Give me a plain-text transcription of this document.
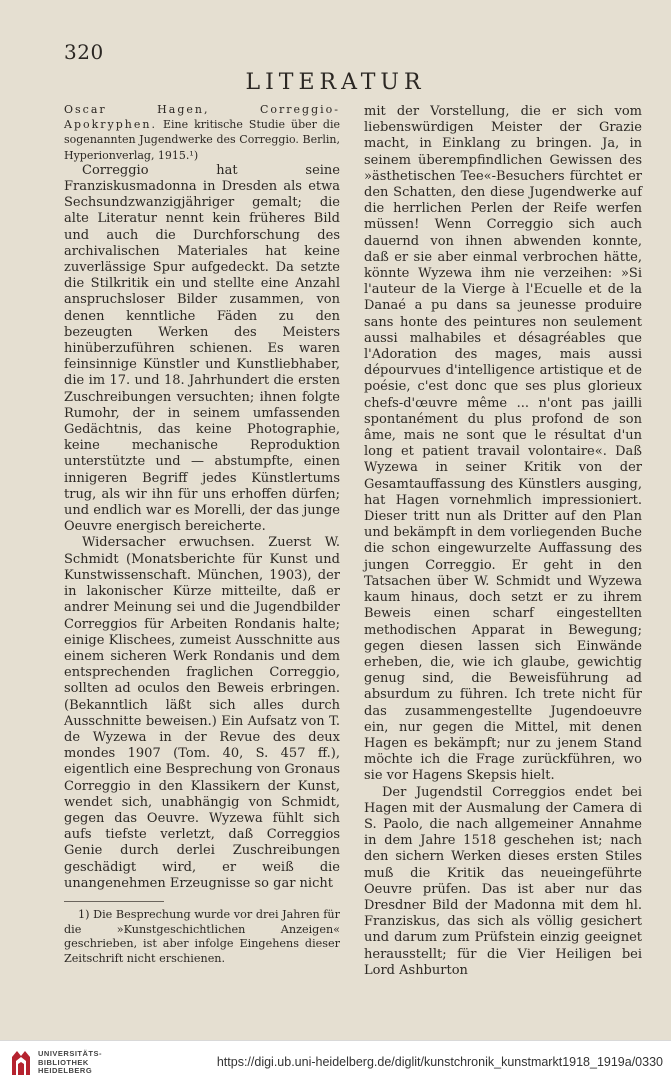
320
LITERATUR

Oscar Hagen, Correggio-Apokryphen. Eine kritische Studie über die sogenannten Jugendwerke des Correggio. Berlin, Hyperionverlag, 1915.¹)

Correggio hat seine Franziskusmadonna in Dresden als etwa Sechsundzwanzigjähriger gemalt; die alte Literatur nennt kein früheres Bild und auch die Durchforschung des archivalischen Materiales hat keine zuverlässige Spur aufgedeckt. Da setzte die Stilkritik ein und stellte eine Anzahl anspruchsloser Bilder zusammen, von denen kenntliche Fäden zu den bezeugten Werken des Meisters hinüberzuführen schienen. Es waren feinsinnige Künstler und Kunstliebhaber, die im 17. und 18. Jahrhundert die ersten Zuschreibungen versuchten; ihnen folgte Rumohr, der in seinem umfassenden Gedächtnis, das keine Photographie, keine mechanische Reproduktion unterstützte und — abstumpfte, einen innigeren Begriff jedes Künstlertums trug, als wir ihn für uns erhoffen dürfen; und endlich war es Morelli, der das junge Oeuvre energisch bereicherte.

Widersacher erwuchsen. Zuerst W. Schmidt (Monatsberichte für Kunst und Kunstwissenschaft. München, 1903), der in lakonischer Kürze mitteilte, daß er andrer Meinung sei und die Jugendbilder Correggios für Arbeiten Rondanis halte; einige Klischees, zumeist Ausschnitte aus einem sicheren Werk Rondanis und dem entsprechenden fraglichen Correggio, sollten ad oculos den Beweis erbringen. (Bekanntlich läßt sich alles durch Ausschnitte beweisen.) Ein Aufsatz von T. de Wyzewa in der Revue des deux mondes 1907 (Tom. 40, S. 457 ff.), eigentlich eine Besprechung von Gronaus Correggio in den Klassikern der Kunst, wendet sich, unabhängig von Schmidt, gegen das Oeuvre. Wyzewa fühlt sich aufs tiefste verletzt, daß Correggios Genie durch derlei Zuschreibungen geschädigt wird, er weiß die unangenehmen Erzeugnisse so gar nicht

1) Die Besprechung wurde vor drei Jahren für die »Kunstgeschichtlichen Anzeigen« geschrieben‚ ist aber infolge Eingehens dieser Zeitschrift nicht erschienen.

mit der Vorstellung, die er sich vom liebenswürdigen Meister der Grazie macht, in Einklang zu bringen. Ja, in seinem überempfindlichen Gewissen des »ästhetischen Tee«-Besuchers fürchtet er den Schatten, den diese Jugendwerke auf die herrlichen Perlen der Reife werfen müssen! Wenn Correggio sich auch dauernd von ihnen abwenden konnte, daß er sie aber einmal verbrochen hätte, könnte Wyzewa ihm nie verzeihen: »Si l'auteur de la Vierge à l'Ecuelle et de la Danaé a pu dans sa jeunesse produire sans honte des peintures non seulement aussi malhabiles et désagréables que l'Adoration des mages, mais aussi dépourvues d'intelligence artistique et de poésie, c'est donc que ses plus glorieux chefs-d'œuvre même ... n'ont pas jailli spontanément du plus profond de son âme, mais ne sont que le résultat d'un long et patient travail volontaire«. Daß Wyzewa in seiner Kritik von der Gesamtauffassung des Künstlers ausging, hat Hagen vornehmlich impressioniert. Dieser tritt nun als Dritter auf den Plan und bekämpft in dem vorliegenden Buche die schon eingewurzelte Auffassung des jungen Correggio. Er geht in den Tatsachen über W. Schmidt und Wyzewa kaum hinaus, doch setzt er zu ihrem Beweis einen scharf eingestellten methodischen Apparat in Bewegung; gegen diesen lassen sich Einwände erheben, die, wie ich glaube, gewichtig genug sind, die Beweisführung ad absurdum zu führen. Ich trete nicht für das zusammengestellte Jugendoeuvre ein, nur gegen die Mittel, mit denen Hagen es bekämpft; nur zu jenem Stand möchte ich die Frage zurückführen, wo sie vor Hagens Skepsis hielt.

Der Jugendstil Correggios endet bei Hagen mit der Ausmalung der Camera di S. Paolo, die nach allgemeiner Annahme in dem Jahre 1518 geschehen ist; nach den sichern Werken dieses ersten Stiles muß die Kritik das neueingeführte Oeuvre prüfen. Das ist aber nur das Dresdner Bild der Madonna mit dem hl. Franziskus, das sich als völlig gesichert und darum zum Prüfstein einzig geeignet herausstellt; für die Vier Heiligen bei Lord Ashburton

UNIVERSITÄTS-
BIBLIOTHEK
HEIDELBERG
https://digi.ub.uni-heidelberg.de/diglit/kunstchronik_kunstmarkt1918_1919a/0330
